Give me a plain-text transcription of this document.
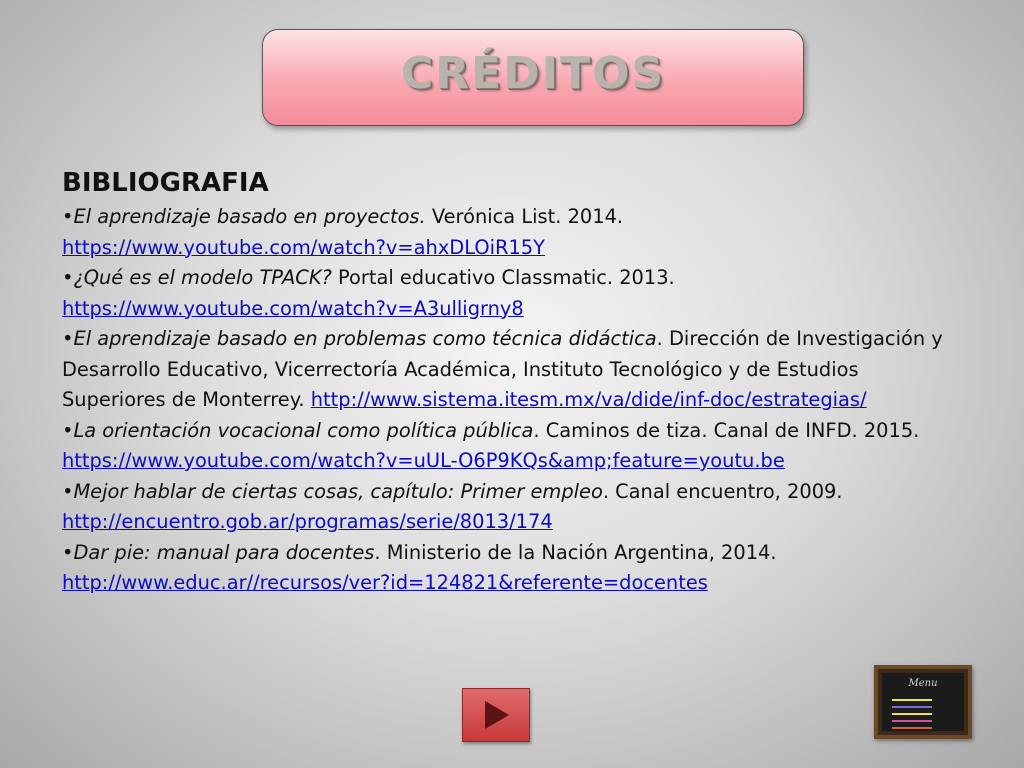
CRÉDITOS
BIBLIOGRAFIA

•El aprendizaje basado en proyectos. Verónica List. 2014.
https://www.youtube.com/watch?v=ahxDLOiR15Y

•¿Qué es el modelo TPACK? Portal educativo Classmatic. 2013.
https://www.youtube.com/watch?v=A3ulligrny8

•El aprendizaje basado en problemas como técnica didáctica. Dirección de Investigación y Desarrollo Educativo, Vicerrectoría Académica, Instituto Tecnológico y de Estudios Superiores de Monterrey. http://www.sistema.itesm.mx/va/dide/inf-doc/estrategias/

•La orientación vocacional como política pública. Caminos de tiza. Canal de INFD. 2015. https://www.youtube.com/watch?v=uUL-O6P9KQs&amp;feature=youtu.be

•Mejor hablar de ciertas cosas, capítulo: Primer empleo. Canal encuentro, 2009.
http://encuentro.gob.ar/programas/serie/8013/174

•Dar pie: manual para docentes. Ministerio de la Nación Argentina, 2014.
http://www.educ.ar//recursos/ver?id=124821&referente=docentes

Menu
